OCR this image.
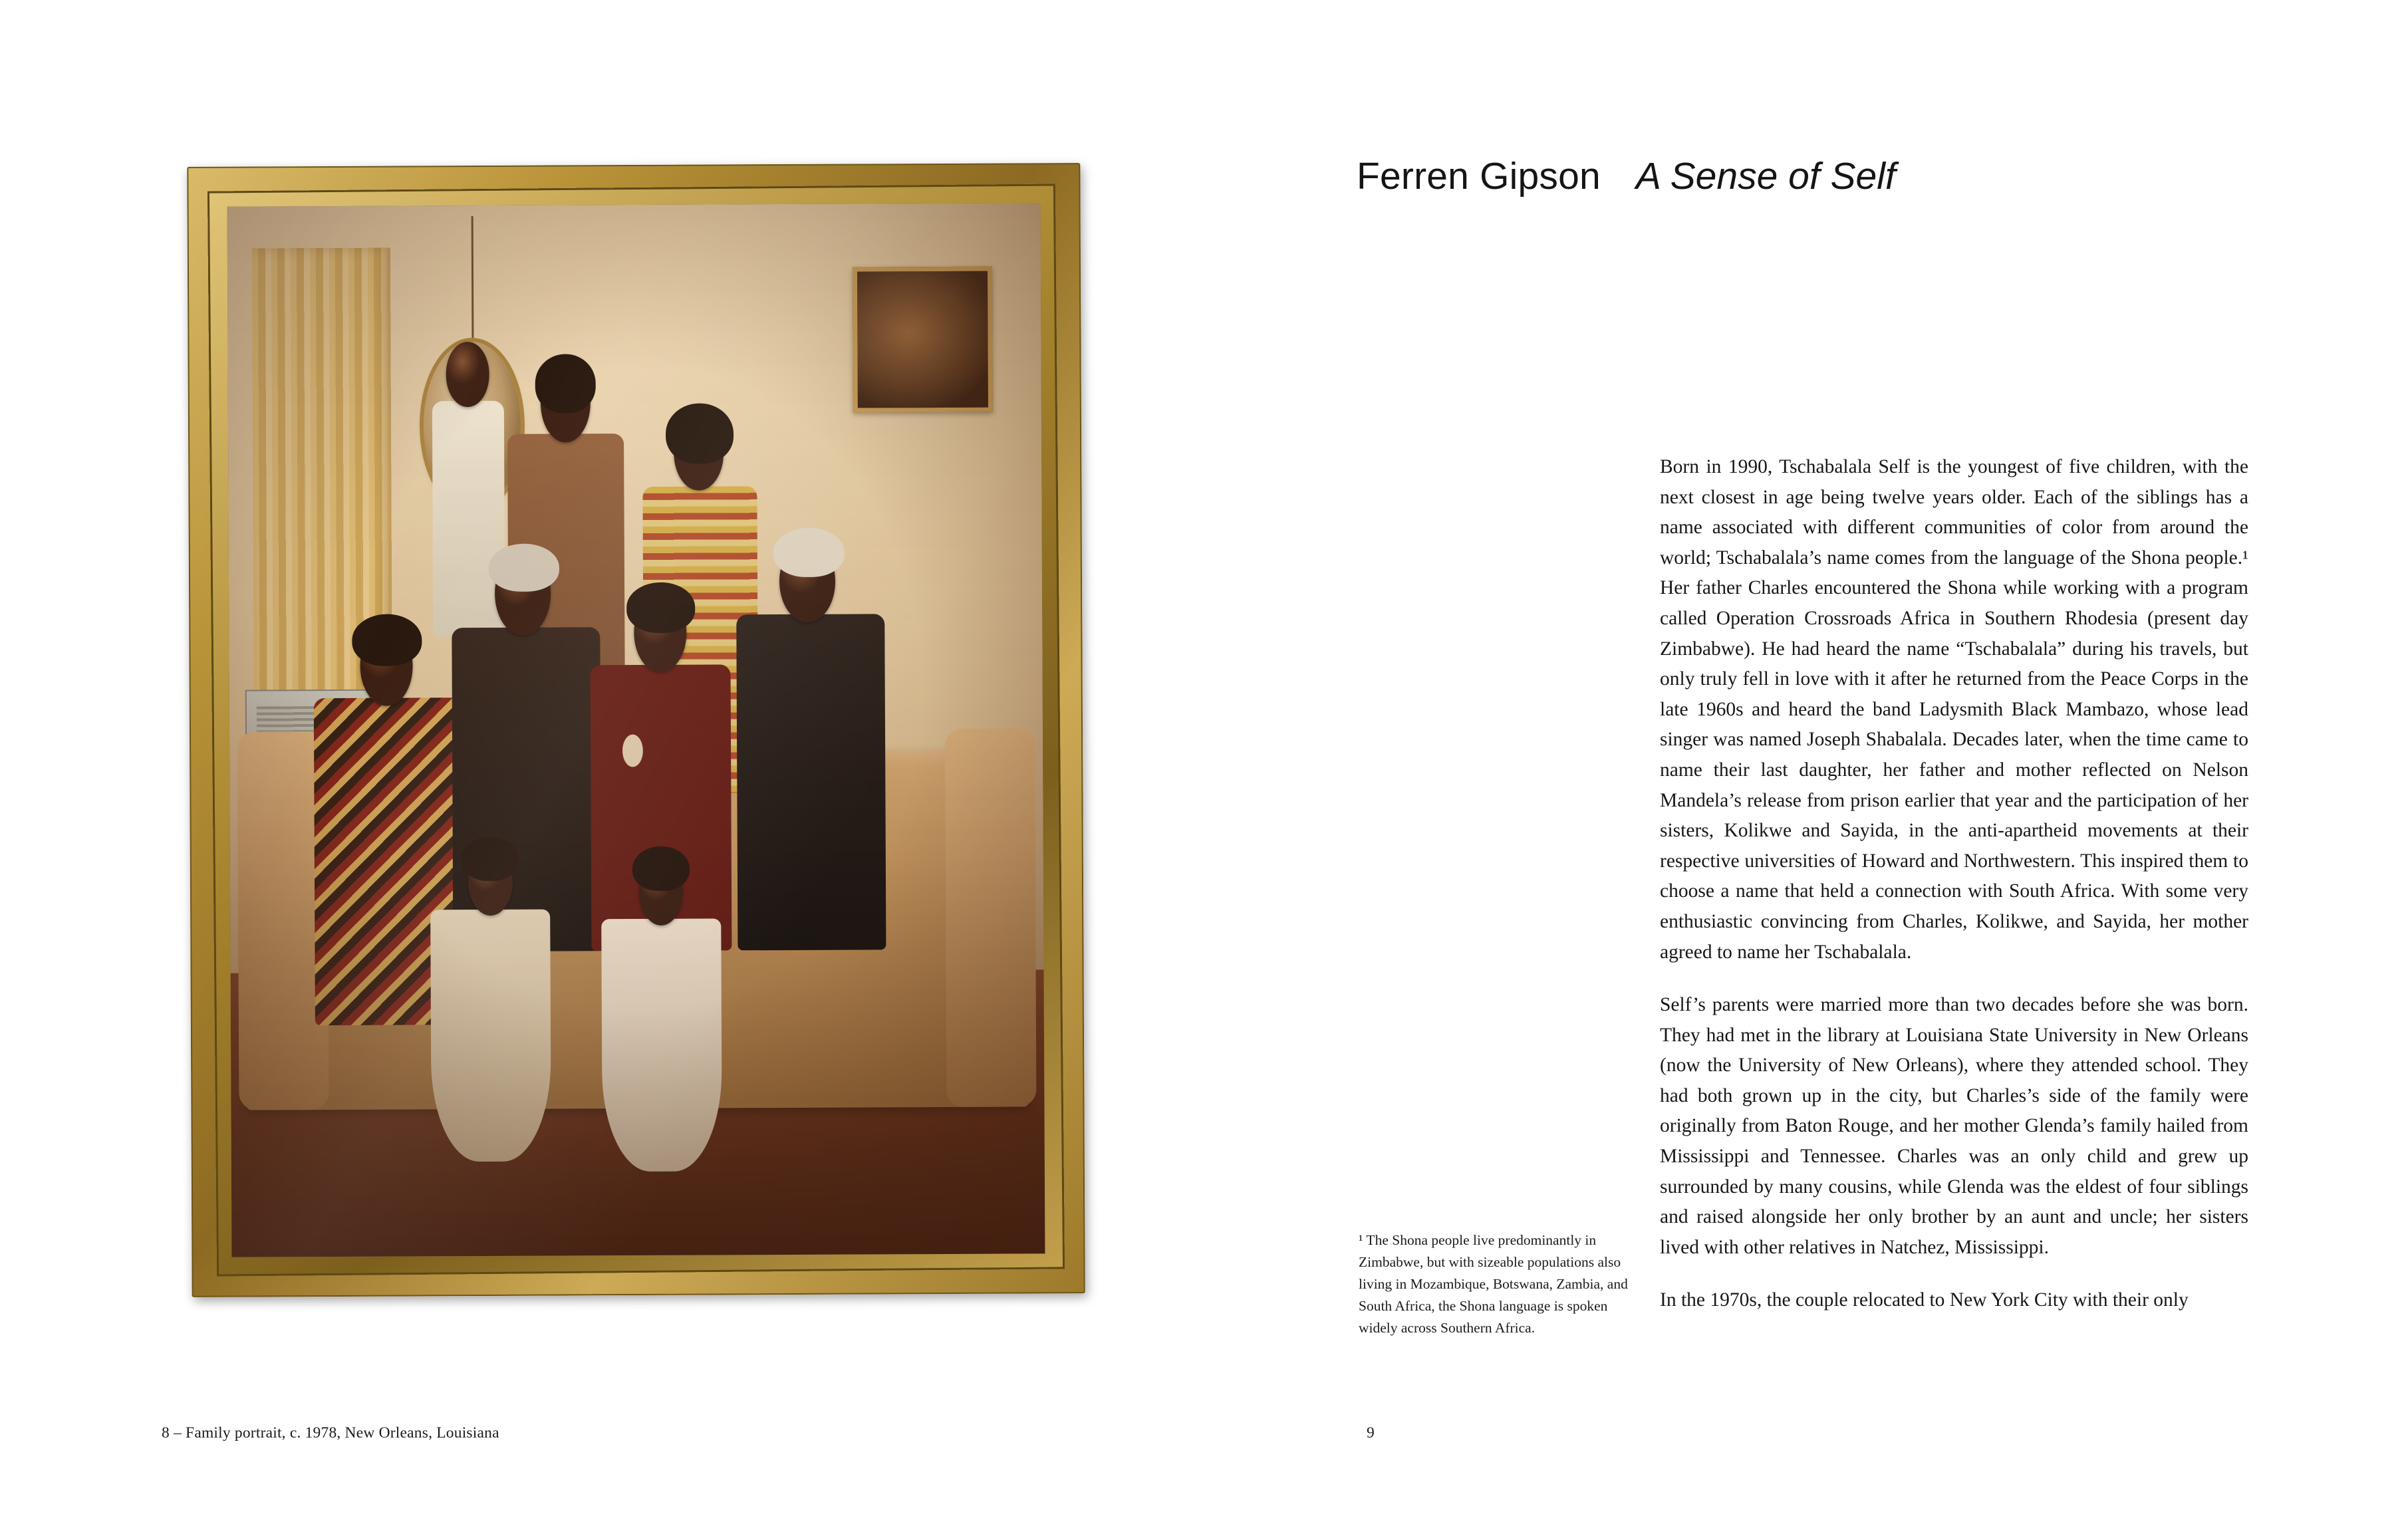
8 – Family portrait, c. 1978, New Orleans, Louisiana
Ferren Gipson A Sense of Self

Born in 1990, Tschabalala Self is the youngest of five children, with the next closest in age being twelve years older. Each of the siblings has a name associated with different communities of color from around the world; Tschabalala’s name comes from the language of the Shona people.¹ Her father Charles encountered the Shona while working with a program called Operation Crossroads Africa in Southern Rhodesia (present day Zimbabwe). He had heard the name “Tschabalala” during his travels, but only truly fell in love with it after he returned from the Peace Corps in the late 1960s and heard the band Ladysmith Black Mambazo, whose lead singer was named Joseph Shabalala. Decades later, when the time came to name their last daughter, her father and mother reflected on Nelson Mandela’s release from prison earlier that year and the participation of her sisters, Kolikwe and Sayida, in the anti-apartheid movements at their respective universities of Howard and Northwestern. This inspired them to choose a name that held a connection with South Africa. With some very enthusiastic convincing from Charles, Kolikwe, and Sayida, her mother agreed to name her Tschabalala.

Self’s parents were married more than two decades before she was born. They had met in the library at Louisiana State University in New Orleans (now the University of New Orleans), where they attended school. They had both grown up in the city, but Charles’s side of the family were originally from Baton Rouge, and her mother Glenda’s family hailed from Mississippi and Tennessee. Charles was an only child and grew up surrounded by many cousins, while Glenda was the eldest of four siblings and raised alongside her only brother by an aunt and uncle; her sisters lived with other relatives in Natchez, Mississippi.

In the 1970s, the couple relocated to New York City with their only

¹ The Shona people live predominantly in Zimbabwe, but with sizeable populations also living in Mozambique, Botswana, Zambia, and South Africa, the Shona language is spoken widely across Southern Africa.
9
